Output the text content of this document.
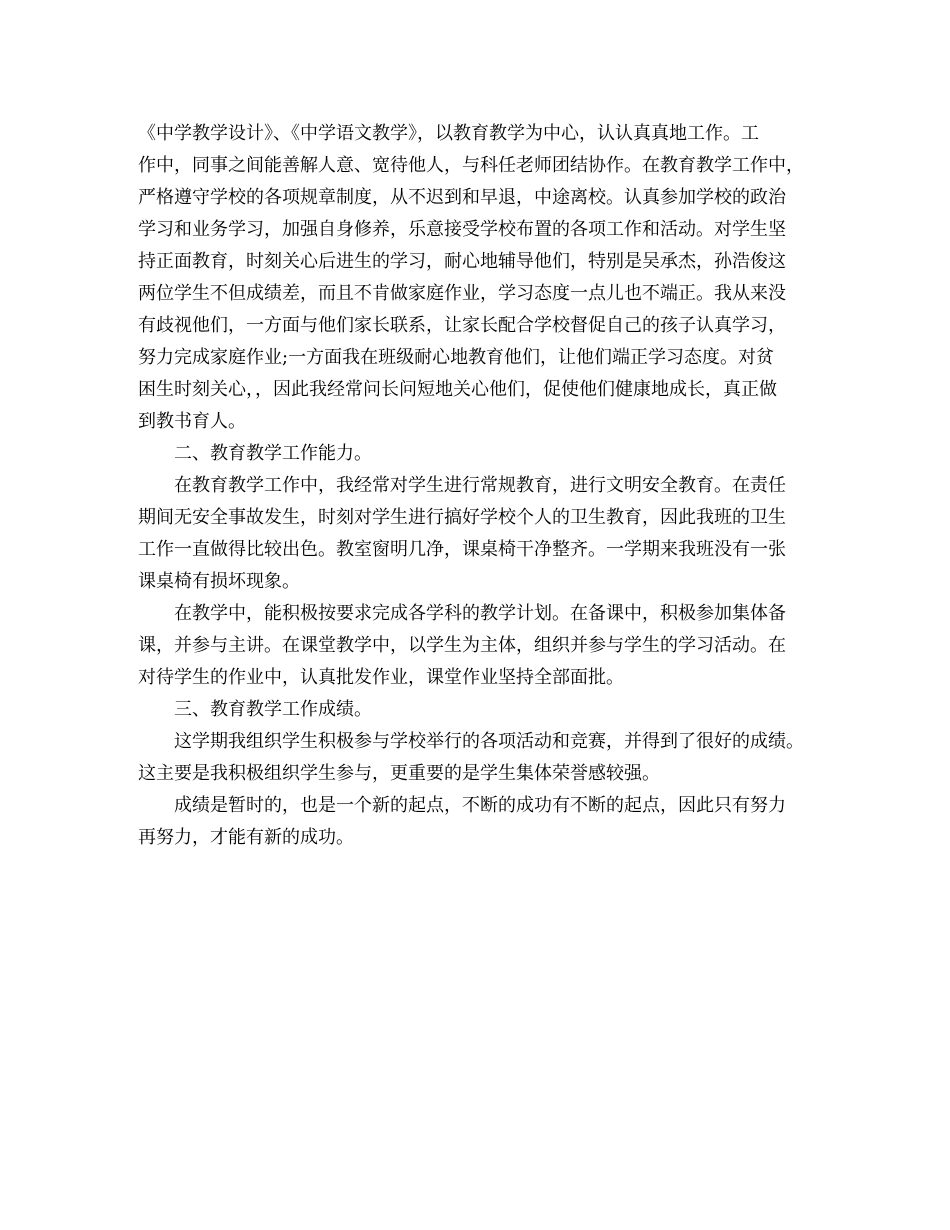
《中学教学设计》、《中学语文教学》，以教育教学为中心，认认真真地工作。工
作中，同事之间能善解人意、宽待他人，与科任老师团结协作。在教育教学工作中，
严格遵守学校的各项规章制度，从不迟到和早退，中途离校。认真参加学校的政治
学习和业务学习，加强自身修养，乐意接受学校布置的各项工作和活动。对学生坚
持正面教育，时刻关心后进生的学习，耐心地辅导他们，特别是吴承杰，孙浩俊这
两位学生不但成绩差，而且不肯做家庭作业，学习态度一点儿也不端正。我从来没
有歧视他们，一方面与他们家长联系，让家长配合学校督促自己的孩子认真学习，
努力完成家庭作业;一方面我在班级耐心地教育他们，让他们端正学习态度。对贫
困生时刻关心，，因此我经常问长问短地关心他们，促使他们健康地成长，真正做
到教书育人。

二、教育教学工作能力。

在教育教学工作中，我经常对学生进行常规教育，进行文明安全教育。在责任
期间无安全事故发生，时刻对学生进行搞好学校个人的卫生教育，因此我班的卫生
工作一直做得比较出色。教室窗明几净，课桌椅干净整齐。一学期来我班没有一张
课桌椅有损坏现象。

在教学中，能积极按要求完成各学科的教学计划。在备课中，积极参加集体备
课，并参与主讲。在课堂教学中，以学生为主体，组织并参与学生的学习活动。在
对待学生的作业中，认真批发作业，课堂作业坚持全部面批。

三、教育教学工作成绩。

这学期我组织学生积极参与学校举行的各项活动和竞赛，并得到了很好的成绩。
这主要是我积极组织学生参与，更重要的是学生集体荣誉感较强。

成绩是暂时的，也是一个新的起点，不断的成功有不断的起点，因此只有努力
再努力，才能有新的成功。
